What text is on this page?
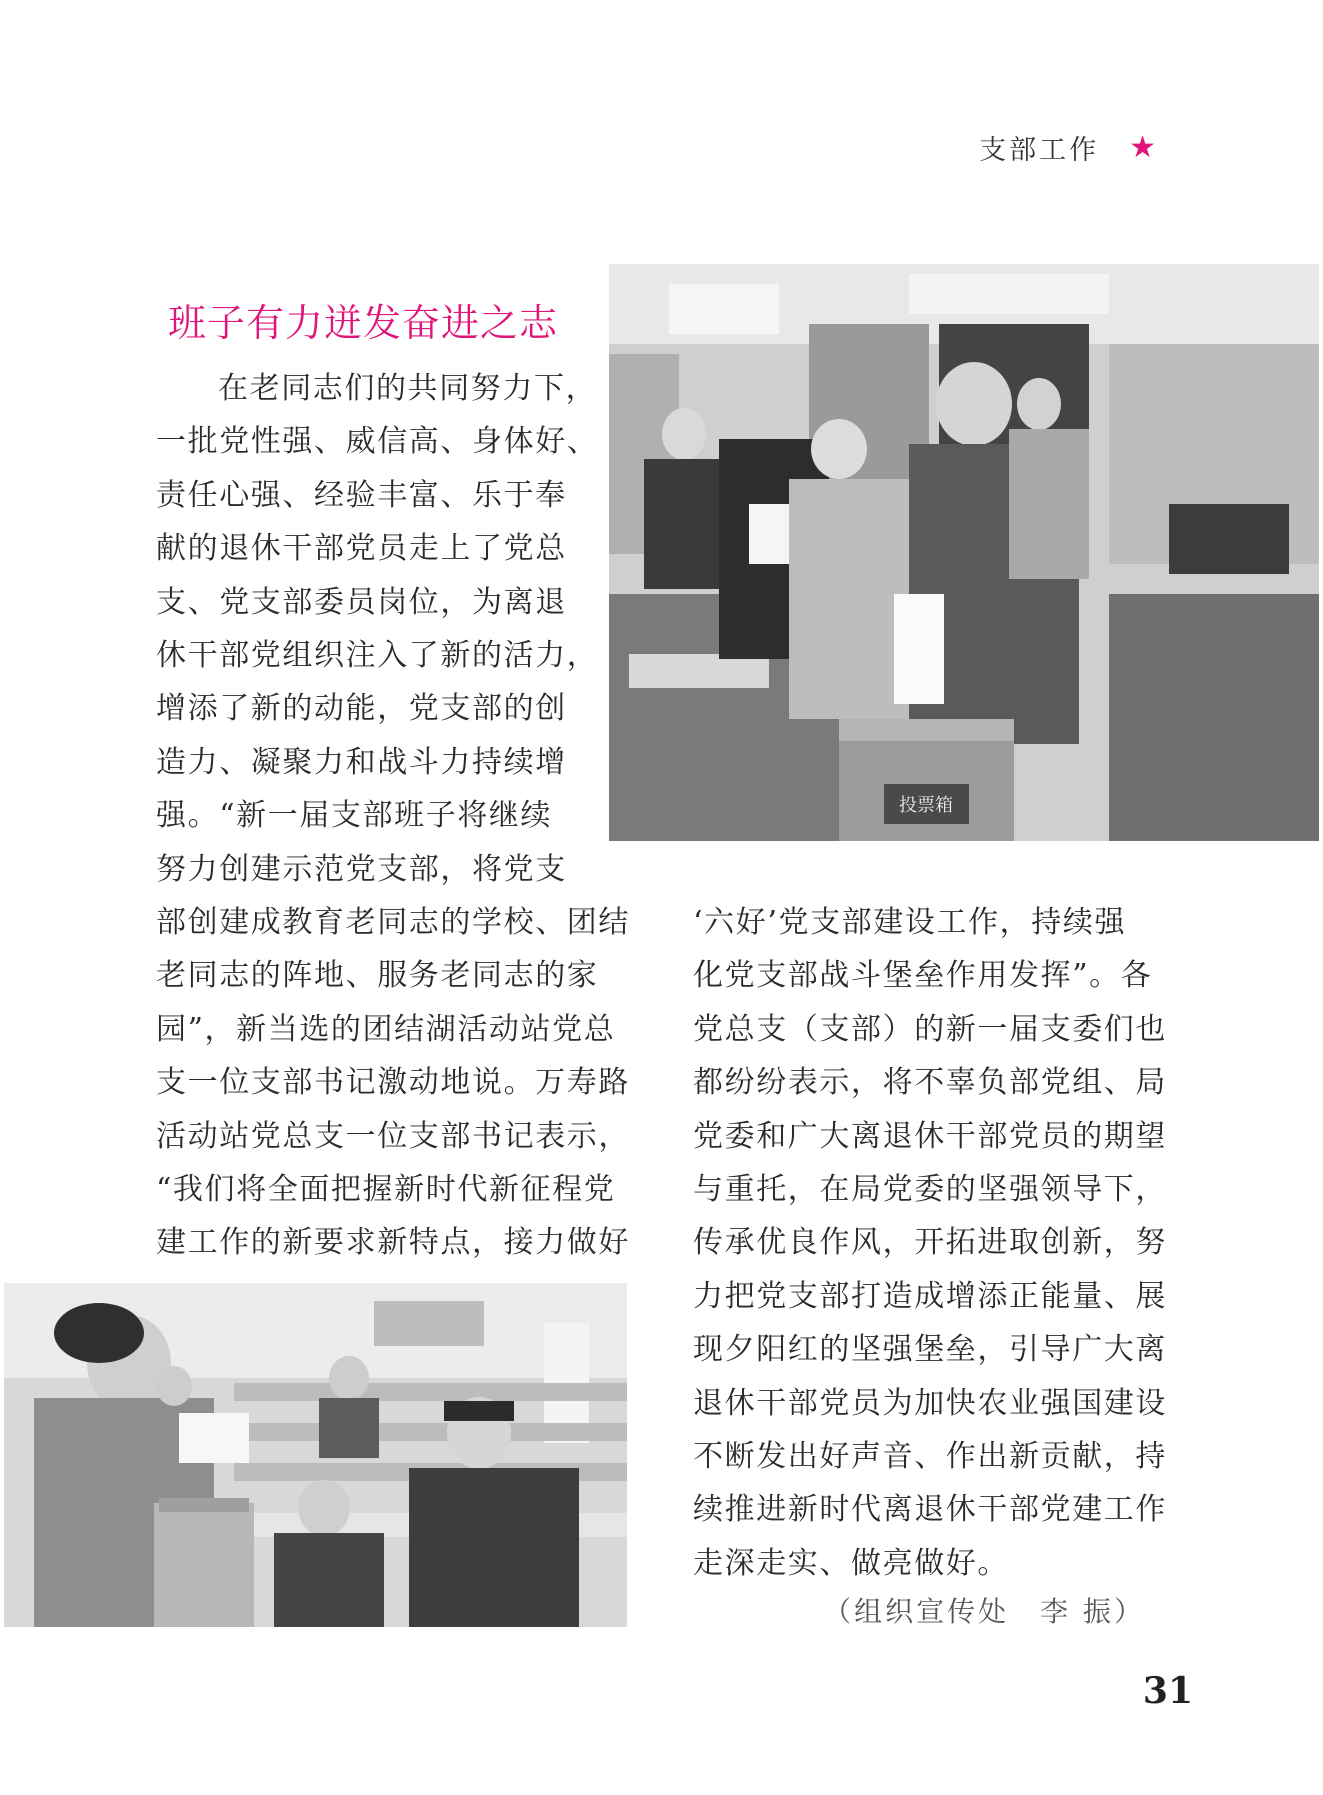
支部工作 ★
班子有力迸发奋进之志
在老同志们的共同努力下，
一批党性强、威信高、身体好、
责任心强、经验丰富、乐于奉
献的退休干部党员走上了党总
支、党支部委员岗位，为离退
休干部党组织注入了新的活力，
增添了新的动能，党支部的创
造力、凝聚力和战斗力持续增
强。“新一届支部班子将继续
努力创建示范党支部，将党支
部创建成教育老同志的学校、团结
老同志的阵地、服务老同志的家
园”，新当选的团结湖活动站党总
支一位支部书记激动地说。万寿路
活动站党总支一位支部书记表示，
“我们将全面把握新时代新征程党
建工作的新要求新特点，接力做好
‘六好’党支部建设工作，持续强
化党支部战斗堡垒作用发挥”。各
党总支（支部）的新一届支委们也
都纷纷表示，将不辜负部党组、局
党委和广大离退休干部党员的期望
与重托，在局党委的坚强领导下，
传承优良作风，开拓进取创新，努
力把党支部打造成增添正能量、展
现夕阳红的坚强堡垒，引导广大离
退休干部党员为加快农业强国建设
不断发出好声音、作出新贡献，持
续推进新时代离退休干部党建工作
走深走实、做亮做好。
（组织宣传处　李 振）
31
投票箱
